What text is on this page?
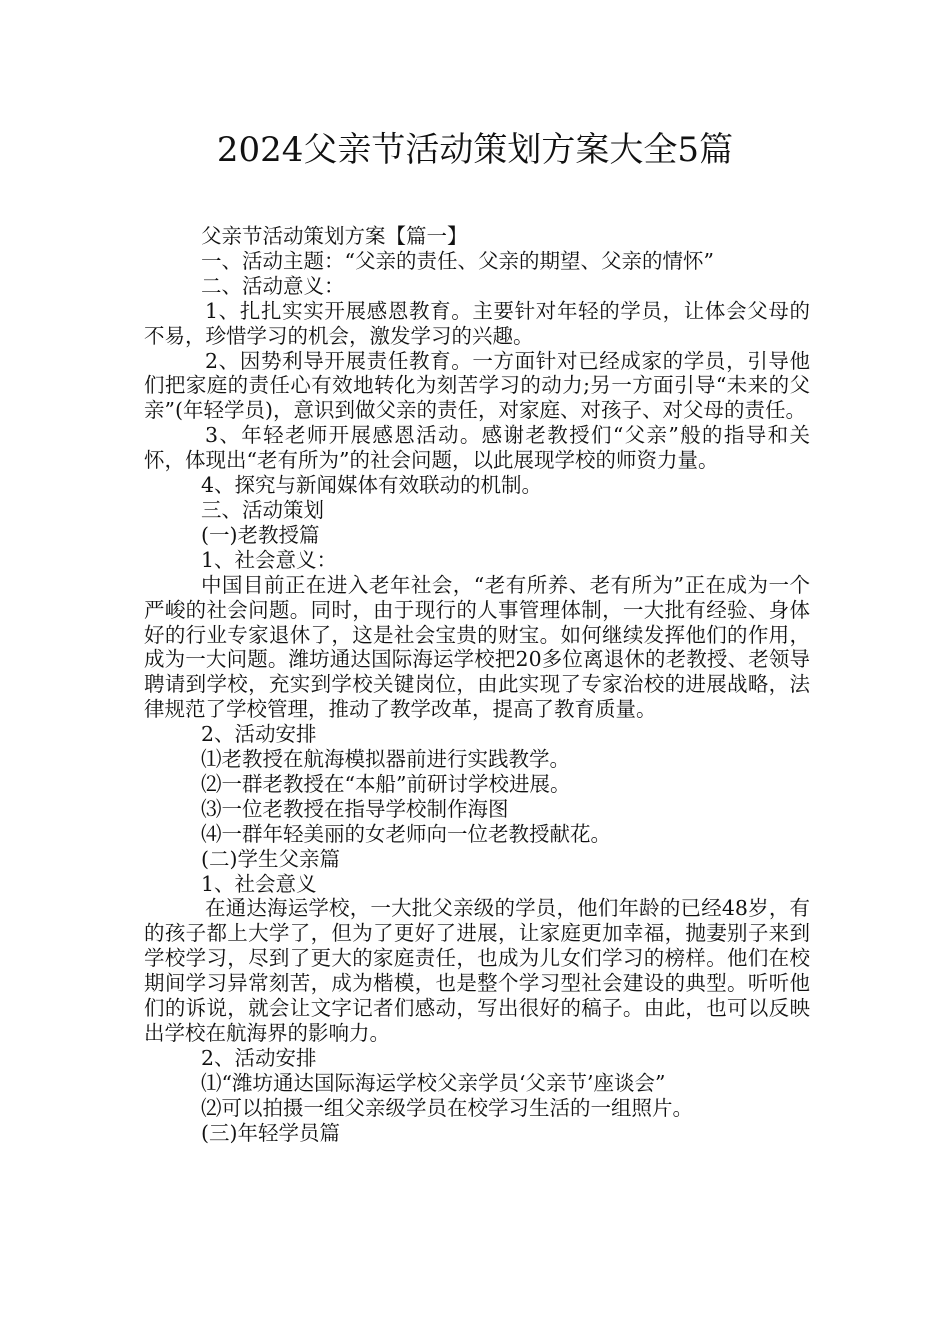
2024父亲节活动策划方案大全5篇

父亲节活动策划方案【篇一】

一、活动主题：“父亲的责任、父亲的期望、父亲的情怀”

二、活动意义：

1、扎扎实实开展感恩教育。主要针对年轻的学员，让体会父母的不易，珍惜学习的机会，激发学习的兴趣。

2、因势利导开展责任教育。一方面针对已经成家的学员，引导他们把家庭的责任心有效地转化为刻苦学习的动力;另一方面引导“未来的父亲”(年轻学员)，意识到做父亲的责任，对家庭、对孩子、对父母的责任。

3、年轻老师开展感恩活动。感谢老教授们“父亲”般的指导和关怀，体现出“老有所为”的社会问题，以此展现学校的师资力量。

4、探究与新闻媒体有效联动的机制。

三、活动策划

(一)老教授篇

1、社会意义：

中国目前正在进入老年社会，“老有所养、老有所为”正在成为一个严峻的社会问题。同时，由于现行的人事管理体制，一大批有经验、身体好的行业专家退休了，这是社会宝贵的财宝。如何继续发挥他们的作用，成为一大问题。潍坊通达国际海运学校把20多位离退休的老教授、老领导聘请到学校，充实到学校关键岗位，由此实现了专家治校的进展战略，法律规范了学校管理，推动了教学改革，提高了教育质量。

2、活动安排

⑴老教授在航海模拟器前进行实践教学。

⑵一群老教授在“本船”前研讨学校进展。

⑶一位老教授在指导学校制作海图

⑷一群年轻美丽的女老师向一位老教授献花。

(二)学生父亲篇

1、社会意义

在通达海运学校，一大批父亲级的学员，他们年龄的已经48岁，有的孩子都上大学了，但为了更好了进展，让家庭更加幸福，抛妻别子来到学校学习，尽到了更大的家庭责任，也成为儿女们学习的榜样。他们在校期间学习异常刻苦，成为楷模，也是整个学习型社会建设的典型。听听他们的诉说，就会让文字记者们感动，写出很好的稿子。由此，也可以反映出学校在航海界的影响力。

2、活动安排

⑴“潍坊通达国际海运学校父亲学员‘父亲节’座谈会”

⑵可以拍摄一组父亲级学员在校学习生活的一组照片。

(三)年轻学员篇
